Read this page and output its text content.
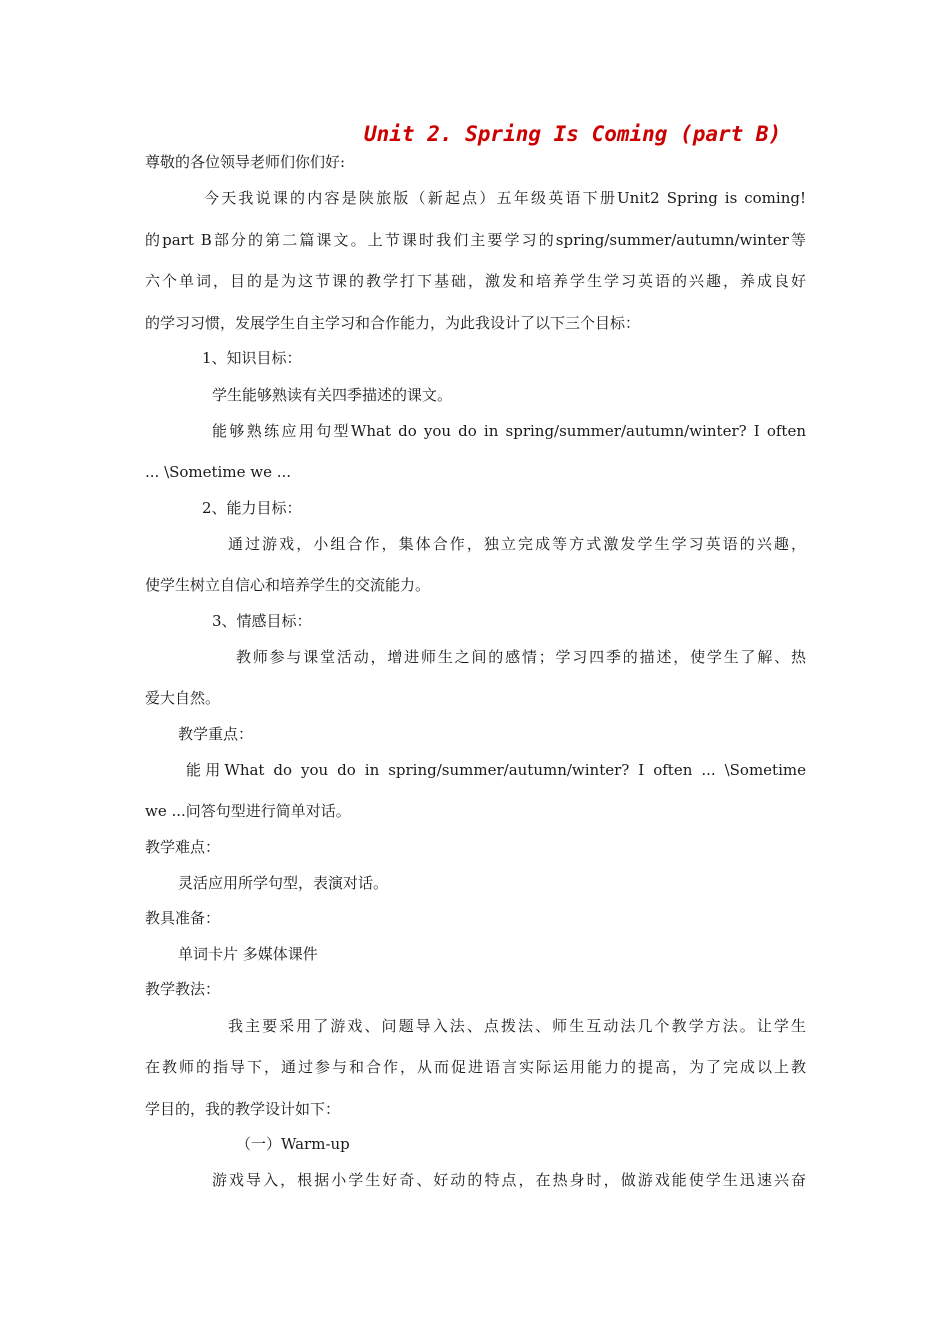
Unit 2. Spring Is Coming (part B)
尊敬的各位领导老师们你们好:
今天我说课的内容是陕旅版（新起点）五年级英语下册Unit2 Spring is coming!
的part B部分的第二篇课文。上节课时我们主要学习的spring/summer/autumn/winter等
六个单词，目的是为这节课的教学打下基础，激发和培养学生学习英语的兴趣，养成良好
的学习习惯，发展学生自主学习和合作能力，为此我设计了以下三个目标：
1、知识目标：
学生能够熟读有关四季描述的课文。
能够熟练应用句型What do you do in spring/summer/autumn/winter? I often
... \Sometime we ...
2、能力目标：
通过游戏，小组合作，集体合作，独立完成等方式激发学生学习英语的兴趣，
使学生树立自信心和培养学生的交流能力。
3、情感目标：
教师参与课堂活动，增进师生之间的感情；学习四季的描述，使学生了解、热
爱大自然。
教学重点：
能用What do you do in spring/summer/autumn/winter? I often ... \Sometime
we ...问答句型进行简单对话。
教学难点：
灵活应用所学句型，表演对话。
教具准备：
单词卡片 多媒体课件
教学教法：
我主要采用了游戏、问题导入法、点拨法、师生互动法几个教学方法。让学生
在教师的指导下，通过参与和合作，从而促进语言实际运用能力的提高，为了完成以上教
学目的，我的教学设计如下：
（一）Warm-up
游戏导入，根据小学生好奇、好动的特点，在热身时，做游戏能使学生迅速兴奋
